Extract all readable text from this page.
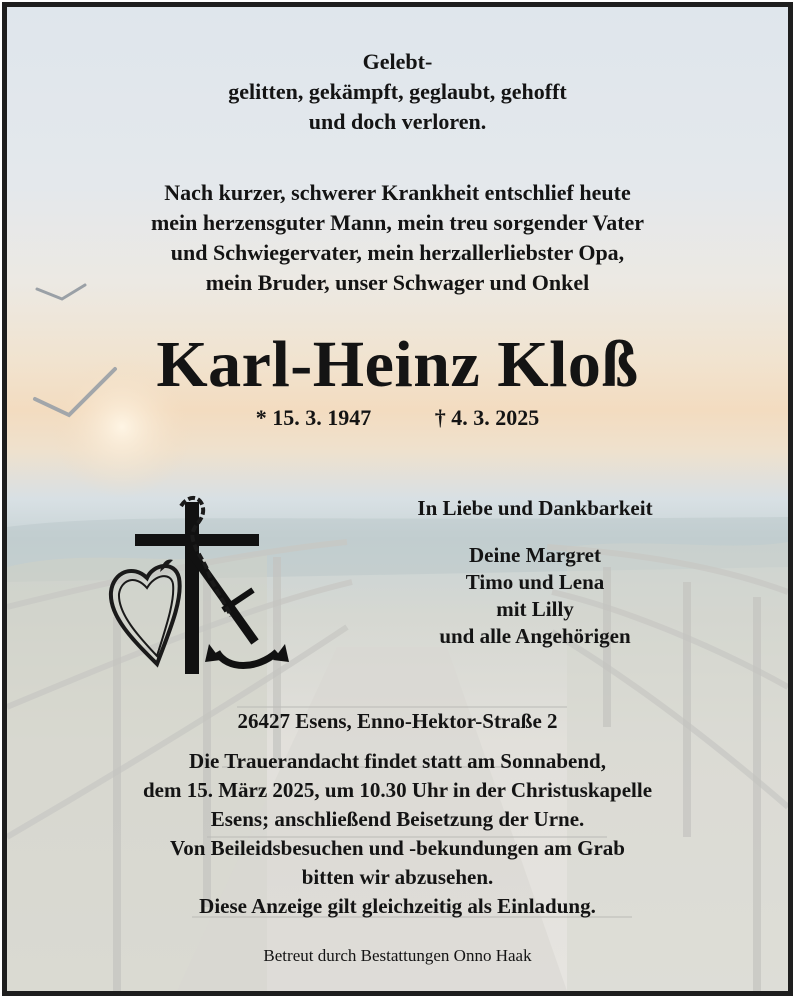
Gelebt-
gelitten, gekämpft, geglaubt, gehofft
und doch verloren.
Nach kurzer, schwerer Krankheit entschlief heute
mein herzensguter Mann, mein treu sorgender Vater
und Schwiegervater, mein herzallerliebster Opa,
mein Bruder, unser Schwager und Onkel
Karl-Heinz Kloß
* 15. 3. 1947	† 4. 3. 2025
In Liebe und Dankbarkeit
Deine Margret
Timo und Lena
mit Lilly
und alle Angehörigen
26427 Esens, Enno-Hektor-Straße 2
Die Trauerandacht findet statt am Sonnabend,
dem 15. März 2025, um 10.30 Uhr in der Christuskapelle
Esens; anschließend Beisetzung der Urne.
Von Beileidsbesuchen und -bekundungen am Grab
bitten wir abzusehen.
Diese Anzeige gilt gleichzeitig als Einladung.
Betreut durch Bestattungen Onno Haak
